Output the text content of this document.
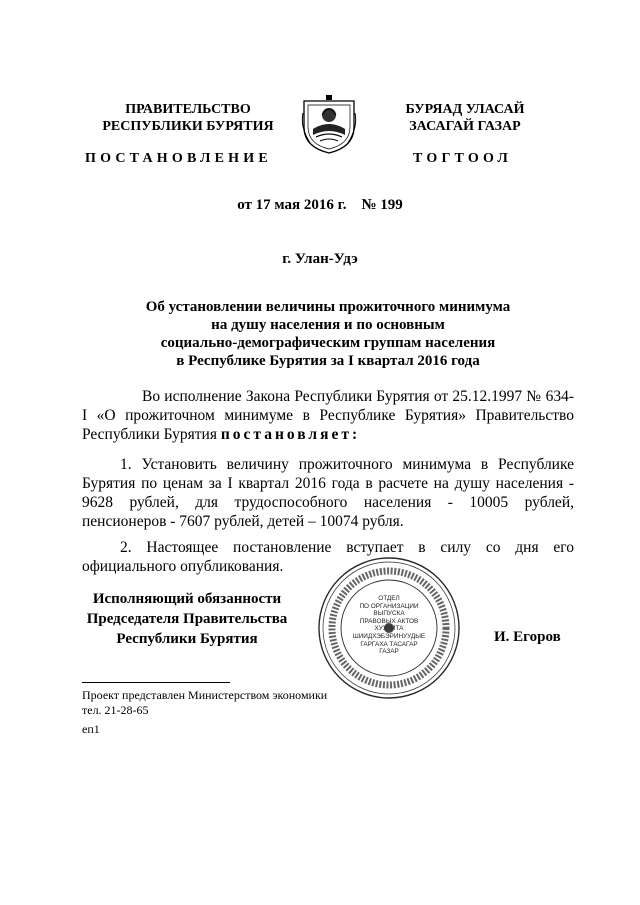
ПРАВИТЕЛЬСТВО
РЕСПУБЛИКИ БУРЯТИЯ
БУРЯАД УЛАСАЙ
ЗАСАГАЙ ГАЗАР
ПОСТАНОВЛЕНИЕ	ТОГТООЛ
от 17 мая 2016 г.    № 199
г. Улан-Удэ
Об установлении величины прожиточного минимума
на душу населения и по основным
социально-демографическим группам населения
в Республике Бурятия за I квартал 2016 года
Во исполнение Закона Республики Бурятия от 25.12.1997 № 634-I «О прожиточном минимуме в Республике Бурятия» Правительство Республики Бурятия постановляет:
1. Установить величину прожиточного минимума в Республике Бурятия по ценам за I квартал 2016 года в расчете на душу населения - 9628 рублей, для трудоспособного населения - 10005 рублей, пенсионеров - 7607 рублей, детей – 10074 рубля.
2. Настоящее постановление вступает в силу со дня его официального опубликования.
ОТДЕЛ
ПО ОРГАНИЗАЦИИ
ВЫПУСКА
ПРАВОВЫХ АКТОВ
ХУУЛИТА
ШИИДХЭБЭРИНУУДЫЕ
ГАРГАХА ТАСАГАР
ГАЗАР
Исполняющий обязанности
Председателя Правительства
Республики Бурятия	И. Егоров
Проект представлен Министерством экономики
тел. 21-28-65
еп1
